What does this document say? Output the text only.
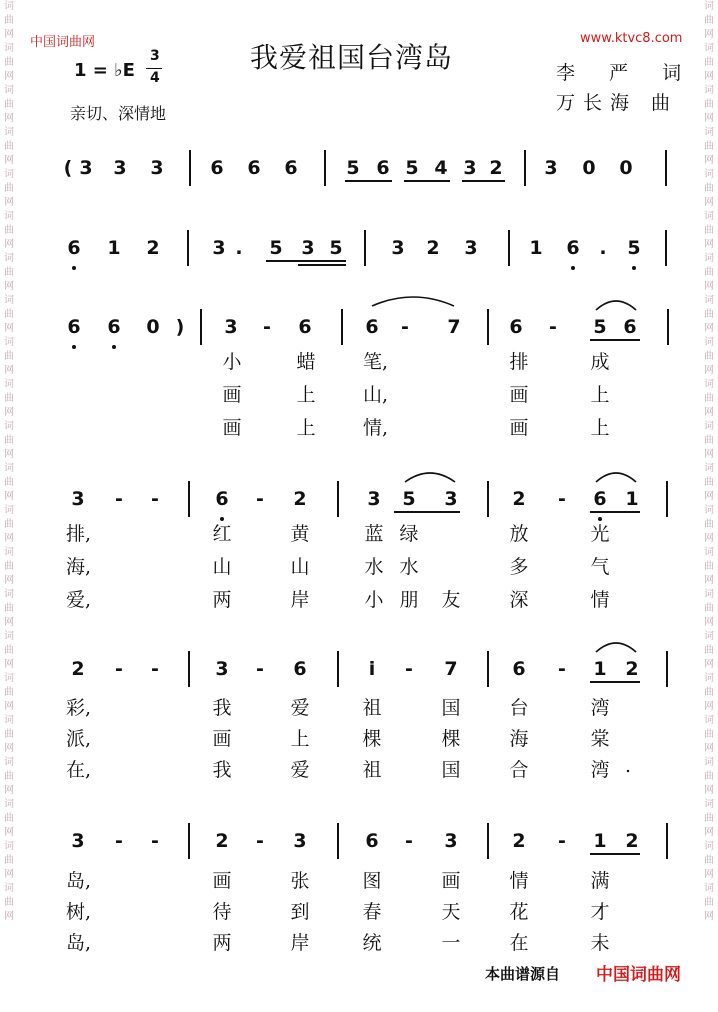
词
曲
网
词
曲
网
词
曲
网
词
曲
网
词
曲
网
词
曲
网
词
曲
网
词
曲
网
词
曲
网
词
曲
网
词
曲
网
词
曲
网
词
曲
网
词
曲
网
词
曲
网
词
曲
网
词
曲
网
词
曲
网
词
曲
网
词
曲
网
词
曲
网
词
曲
网
词
曲
网
词
曲
网
词
曲
网
词
曲
网
词
曲
网
词
曲
网
词
曲
网
词
曲
网
词
曲
网
词
曲
网
词
曲
网
词
曲
网
词
曲
网
词
曲
网
词
曲
网
词
曲
网
词
曲
网
词
曲
网
词
曲
网
词
曲
网
词
曲
网
词
曲
网
中国词曲网	www.ktvc8.com
我爱祖国台湾岛	李 严 词
万长海 曲
1 = ♭E
3
4
亲切、深情地
( 3 3 3 6 6 6	5 6 5 4 3 2 3 0 0
6 1 2	3 . 5 3 5	3 2 3	1 6 . 5
6 6 0 ) 3 - 6	6 - 7	6 - 5 6
小	蜡	笔,	排	成
画	上	山,	画	上
画	上	情,	画	上
3 - -	6 - 2	3 5 3	2 - 6 1
排,	红	黄	蓝 绿	放	光
海,	山	山	水 水	多	气
爱,	两	岸	小 朋 友	深	情
2 - -	3 - 6	i	- 7	6 - 1 2
彩,	我	爱	祖	国	台	湾
派,	画	上	棵	棵	海	棠
在,	我	爱	祖	国	合	湾 .
3 - -	2 - 3	6 - 3	2 - 1 2
岛,	画	张	图	画	情	满
树,	待	到	春	天	花	才
岛,	两	岸	统	一	在	未
本曲谱源自 中国词曲网
